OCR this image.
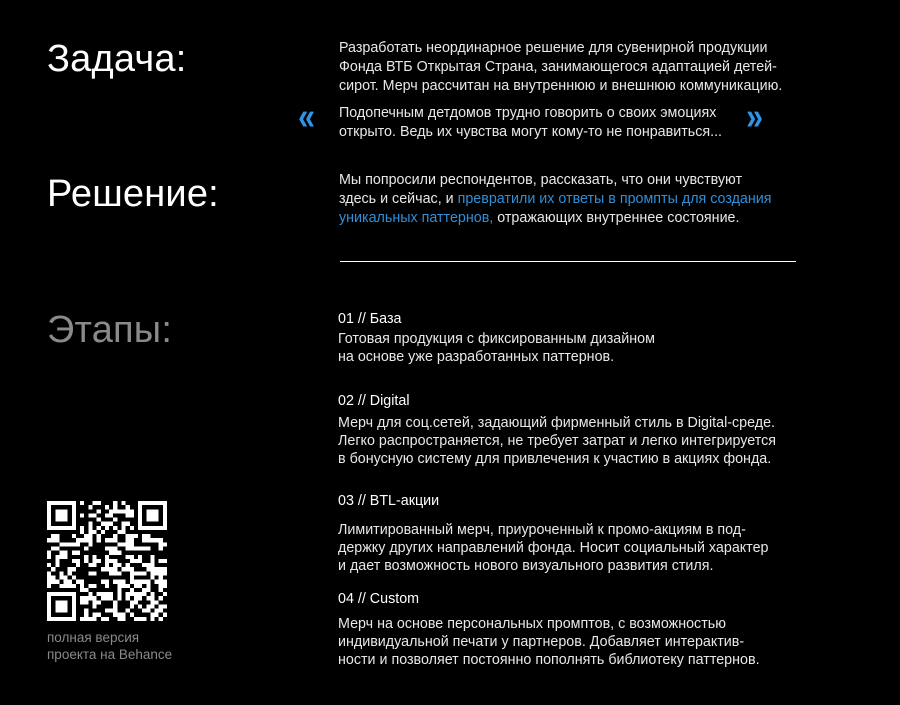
Задача:
Решение:
Этапы:

Разработать неординарное решение для сувенирной продукции

Фонда ВТБ Открытая Страна, занимающегося адаптацией детей-

сирот. Мерч рассчитан на внутреннюю и внешнюю коммуникацию.

« Подопечным детдомов трудно говорить о своих эмоциях

открыто. Ведь их чувства могут кому-то не понравиться... »

Мы попросили респондентов, рассказать, что они чувствуют

здесь и сейчас, и превратили их ответы в промпты для создания

уникальных паттернов, отражающих внутреннее состояние.

01 // База

Готовая продукция с фиксированным дизайном
на основе уже разработанных паттернов.

02 // Digital

Мерч для соц.сетей, задающий фирменный стиль в Digital-среде.
Легко распространяется, не требует затрат и легко интегрируется
в бонусную систему для привлечения к участию в акциях фонда.

03 // BTL-акции

Лимитированный мерч, приуроченный к промо-акциям в под-
держку других направлений фонда. Носит социальный характер
и дает возможность нового визуального развития стиля.

04 // Custom

Мерч на основе персональных промптов, с возможностью
индивидуальной печати у партнеров. Добавляет интерактив-
ности и позволяет постоянно пополнять библиотеку паттернов.
полная версия
проекта на Behance
